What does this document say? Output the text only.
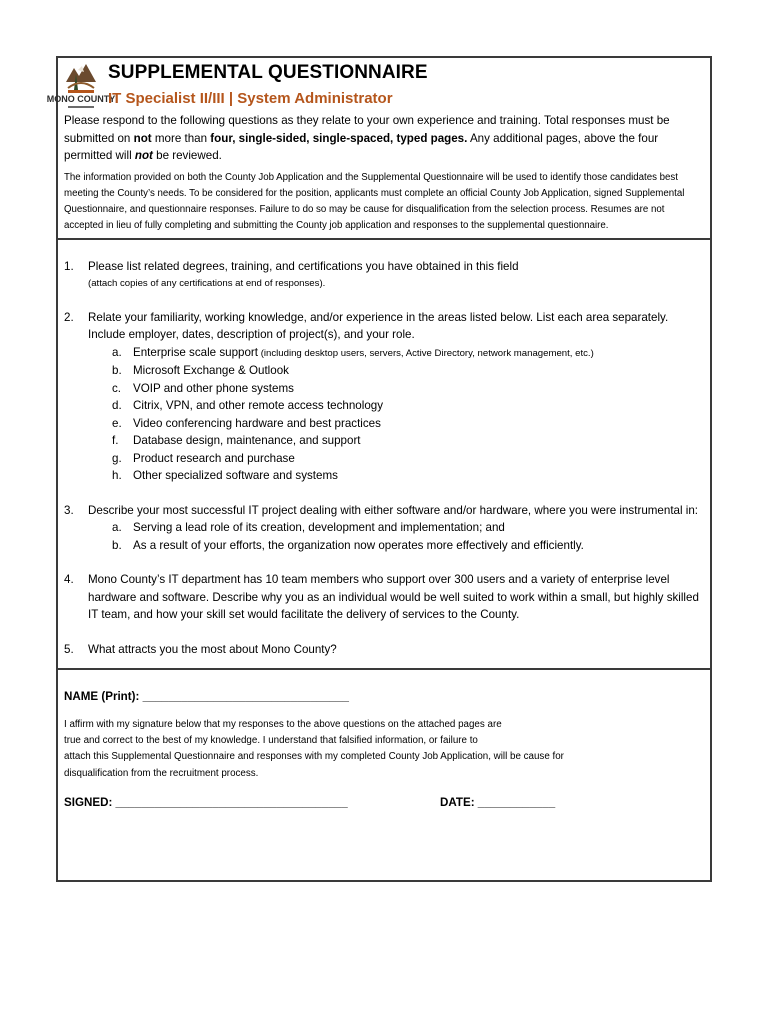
MONO COUNTY
SUPPLEMENTAL QUESTIONNAIRE
IT Specialist II/III | System Administrator
Please respond to the following questions as they relate to your own experience and training. Total responses must be submitted on not more than four, single-sided, single-spaced, typed pages. Any additional pages, above the four permitted will not be reviewed.
The information provided on both the County Job Application and the Supplemental Questionnaire will be used to identify those candidates best meeting the County’s needs. To be considered for the position, applicants must complete an official County Job Application, signed Supplemental Questionnaire, and questionnaire responses. Failure to do so may be cause for disqualification from the selection process. Resumes are not accepted in lieu of fully completing and submitting the County job application and responses to the supplemental questionnaire.
1. Please list related degrees, training, and certifications you have obtained in this field
(attach copies of any certifications at end of responses).
2. Relate your familiarity, working knowledge, and/or experience in the areas listed below. List each area separately. Include employer, dates, description of project(s), and your role.
a. Enterprise scale support (including desktop users, servers, Active Directory, network management, etc.)
b. Microsoft Exchange & Outlook
c. VOIP and other phone systems
d. Citrix, VPN, and other remote access technology
e. Video conferencing hardware and best practices
f. Database design, maintenance, and support
g. Product research and purchase
h. Other specialized software and systems
3. Describe your most successful IT project dealing with either software and/or hardware, where you were instrumental in:
a. Serving a lead role of its creation, development and implementation; and
b. As a result of your efforts, the organization now operates more effectively and efficiently.
4. Mono County’s IT department has 10 team members who support over 300 users and a variety of enterprise level hardware and software. Describe why you as an individual would be well suited to work within a small, but highly skilled IT team, and how your skill set would facilitate the delivery of services to the County.
5. What attracts you the most about Mono County?
NAME (Print): ________________________________
I affirm with my signature below that my responses to the above questions on the attached pages are
true and correct to the best of my knowledge. I understand that falsified information, or failure to
attach this Supplemental Questionnaire and responses with my completed County Job Application, will be cause for
disqualification from the recruitment process.
SIGNED: ____________________________________	DATE: ____________
